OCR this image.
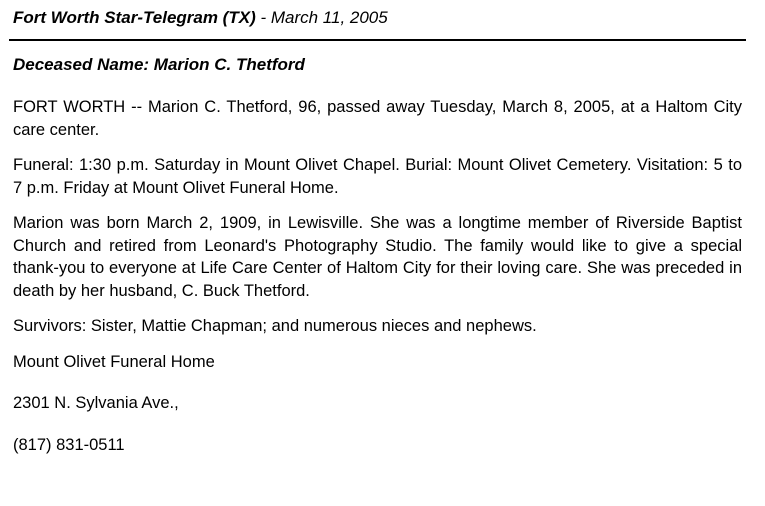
Fort Worth Star-Telegram (TX) - March 11, 2005
Deceased Name: Marion C. Thetford

FORT WORTH -- Marion C. Thetford, 96, passed away Tuesday, March 8, 2005, at a Haltom City care center.

Funeral: 1:30 p.m. Saturday in Mount Olivet Chapel. Burial: Mount Olivet Cemetery. Visitation: 5 to 7 p.m. Friday at Mount Olivet Funeral Home.

Marion was born March 2, 1909, in Lewisville. She was a longtime member of Riverside Baptist Church and retired from Leonard's Photography Studio. The family would like to give a special thank-you to everyone at Life Care Center of Haltom City for their loving care. She was preceded in death by her husband, C. Buck Thetford.

Survivors: Sister, Mattie Chapman; and numerous nieces and nephews.

Mount Olivet Funeral Home
2301 N. Sylvania Ave.,
(817) 831-0511
